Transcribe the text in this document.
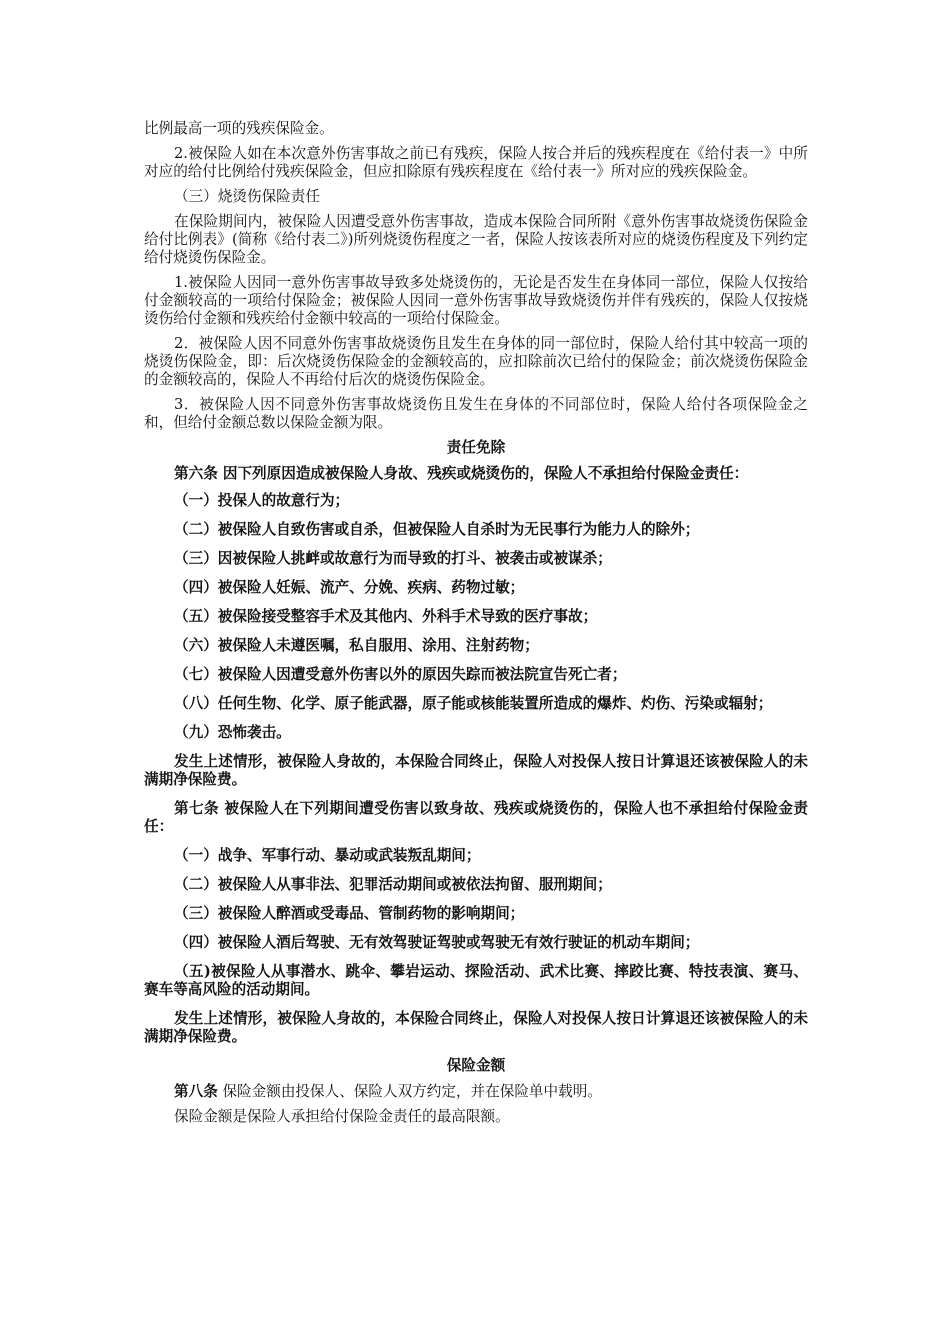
比例最高一项的残疾保险金。

2.被保险人如在本次意外伤害事故之前已有残疾，保险人按合并后的残疾程度在《给付表一》中所对应的给付比例给付残疾保险金，但应扣除原有残疾程度在《给付表一》所对应的残疾保险金。

（三）烧烫伤保险责任

在保险期间内，被保险人因遭受意外伤害事故，造成本保险合同所附《意外伤害事故烧烫伤保险金给付比例表》(简称《给付表二》)所列烧烫伤程度之一者，保险人按该表所对应的烧烫伤程度及下列约定给付烧烫伤保险金。

1.被保险人因同一意外伤害事故导致多处烧烫伤的，无论是否发生在身体同一部位，保险人仅按给付金额较高的一项给付保险金；被保险人因同一意外伤害事故导致烧烫伤并伴有残疾的，保险人仅按烧烫伤给付金额和残疾给付金额中较高的一项给付保险金。

2．被保险人因不同意外伤害事故烧烫伤且发生在身体的同一部位时，保险人给付其中较高一项的烧烫伤保险金，即：后次烧烫伤保险金的金额较高的，应扣除前次已给付的保险金；前次烧烫伤保险金的金额较高的，保险人不再给付后次的烧烫伤保险金。

3．被保险人因不同意外伤害事故烧烫伤且发生在身体的不同部位时，保险人给付各项保险金之和，但给付金额总数以保险金额为限。

责任免除

第六条 因下列原因造成被保险人身故、残疾或烧烫伤的，保险人不承担给付保险金责任：

（一）投保人的故意行为；

（二）被保险人自致伤害或自杀，但被保险人自杀时为无民事行为能力人的除外；

（三）因被保险人挑衅或故意行为而导致的打斗、被袭击或被谋杀；

（四）被保险人妊娠、流产、分娩、疾病、药物过敏；

（五）被保险接受整容手术及其他内、外科手术导致的医疗事故；

（六）被保险人未遵医嘱，私自服用、涂用、注射药物；

（七）被保险人因遭受意外伤害以外的原因失踪而被法院宣告死亡者；

（八）任何生物、化学、原子能武器，原子能或核能装置所造成的爆炸、灼伤、污染或辐射；

（九）恐怖袭击。

发生上述情形，被保险人身故的，本保险合同终止，保险人对投保人按日计算退还该被保险人的未满期净保险费。

第七条 被保险人在下列期间遭受伤害以致身故、残疾或烧烫伤的，保险人也不承担给付保险金责任：

（一）战争、军事行动、暴动或武装叛乱期间；

（二）被保险人从事非法、犯罪活动期间或被依法拘留、服刑期间；

（三）被保险人醉酒或受毒品、管制药物的影响期间；

（四）被保险人酒后驾驶、无有效驾驶证驾驶或驾驶无有效行驶证的机动车期间；

（五)被保险人从事潜水、跳伞、攀岩运动、探险活动、武术比赛、摔跤比赛、特技表演、赛马、赛车等高风险的活动期间。

发生上述情形，被保险人身故的，本保险合同终止，保险人对投保人按日计算退还该被保险人的未满期净保险费。

保险金额

第八条 保险金额由投保人、保险人双方约定，并在保险单中载明。

保险金额是保险人承担给付保险金责任的最高限额。
